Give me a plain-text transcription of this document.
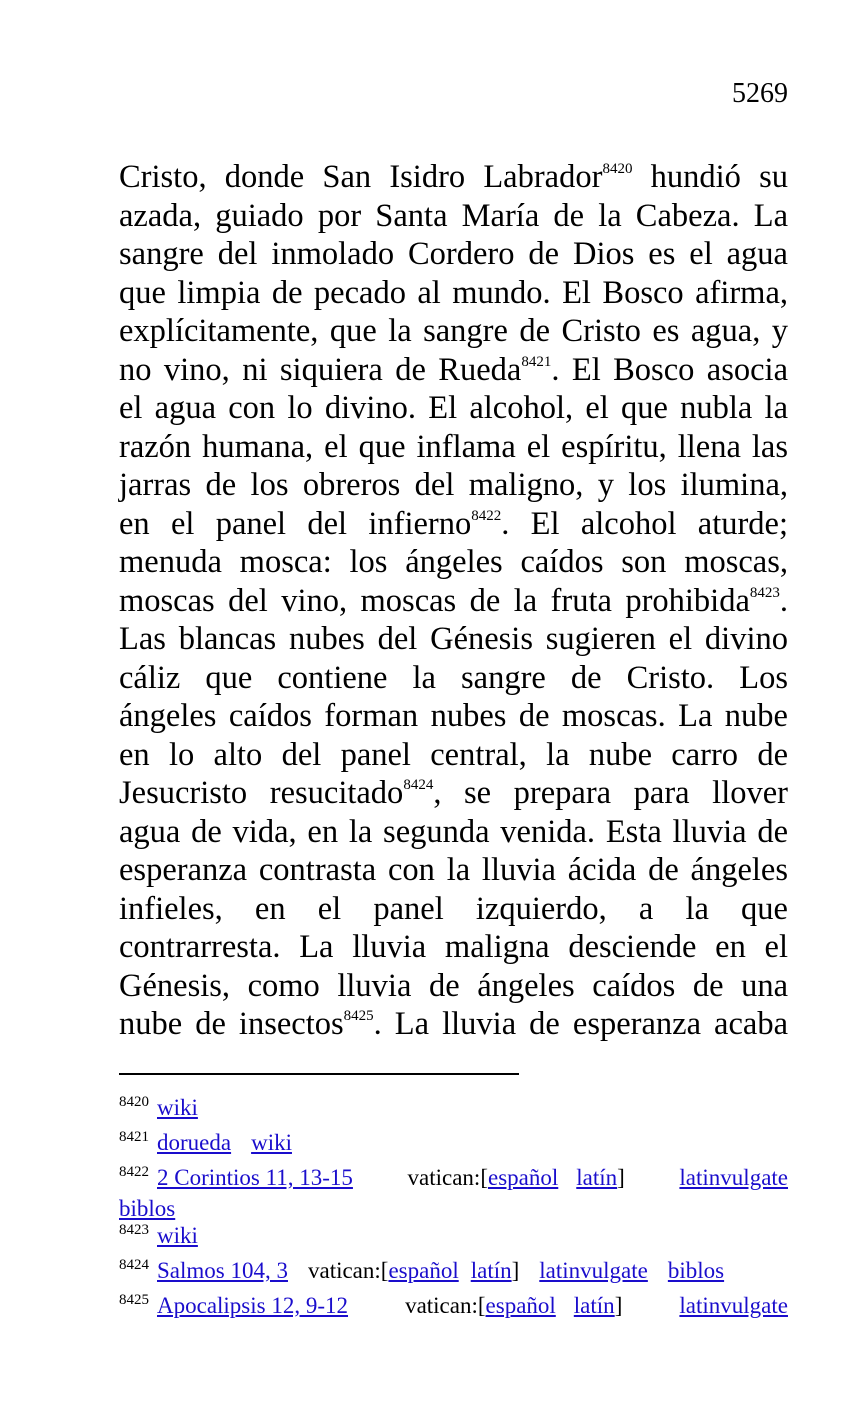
5269
Cristo, donde San Isidro Labrador$^{8420}$ hundió su
azada, guiado por Santa María de la Cabeza. La
sangre del inmolado Cordero de Dios es el agua
que limpia de pecado al mundo. El Bosco afirma,
explícitamente, que la sangre de Cristo es agua, y
no vino, ni siquiera de Rueda$^{8421}$. El Bosco asocia
el agua con lo divino. El alcohol, el que nubla la
razón humana, el que inflama el espíritu, llena las
jarras de los obreros del maligno, y los ilumina,
en el panel del infierno$^{8422}$. El alcohol aturde;
menuda mosca: los ángeles caídos son moscas,
moscas del vino, moscas de la fruta prohibida$^{8423}$.
Las blancas nubes del Génesis sugieren el divino
cáliz que contiene la sangre de Cristo. Los
ángeles caídos forman nubes de moscas. La nube
en lo alto del panel central, la nube carro de
Jesucristo resucitado$^{8424}$, se prepara para llover
agua de vida, en la segunda venida. Esta lluvia de
esperanza contrasta con la lluvia ácida de ángeles
infieles, en el panel izquierdo, a la que
contrarresta. La lluvia maligna desciende en el
Génesis, como lluvia de ángeles caídos de una
nube de insectos$^{8425}$. La lluvia de esperanza acaba
8420 wiki
8421 dorueda wiki
8422 2 Corintios 11, 13-15 vatican:[ español latín ] latinvulgate
biblos
8423 wiki
8424 Salmos 104, 3 vatican:[ español latín ] latinvulgate biblos
8425 Apocalipsis 12, 9-12 vatican:[ español latín ] latinvulgate
